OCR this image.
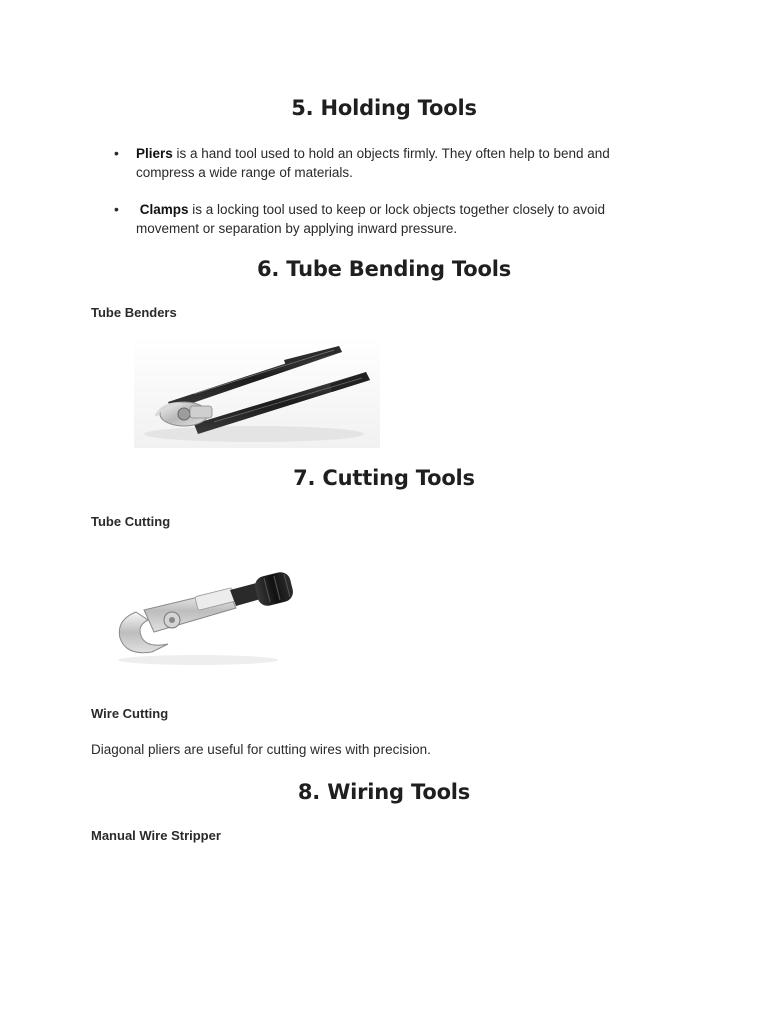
5. Holding Tools
• Pliers is a hand tool used to hold an objects firmly. They often help to bend and compress a wide range of materials.
• Clamps is a locking tool used to keep or lock objects together closely to avoid movement or separation by applying inward pressure.
6. Tube Bending Tools

Tube Benders

7. Cutting Tools

Tube Cutting

Wire Cutting

Diagonal pliers are useful for cutting wires with precision.

8. Wiring Tools

Manual Wire Stripper
